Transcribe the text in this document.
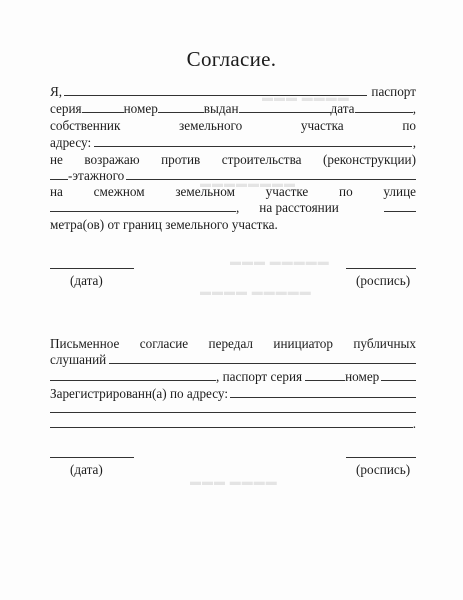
▬▬▬ ▬▬▬▬
▬▬▬▬▬▬▬▬
▬▬▬ ▬▬▬▬▬
▬▬▬▬ ▬▬▬▬▬
▬▬▬ ▬▬▬▬
Согласие.
Я,	паспорт
серия	номер	выдан	дата	,
собственник	земельного	участка	по
адресу:	,
не возражаю против строительства (реконструкции)
-этажного
на смежном земельном участке по улице
, на расстоянии
метра(ов) от границ земельного участка.
(дата)	(роспись)
Письменное согласие передал инициатор публичных
слушаний
, паспорт серия	номер
Зарегистрированн(а) по адресу:
.
(дата)	(роспись)
